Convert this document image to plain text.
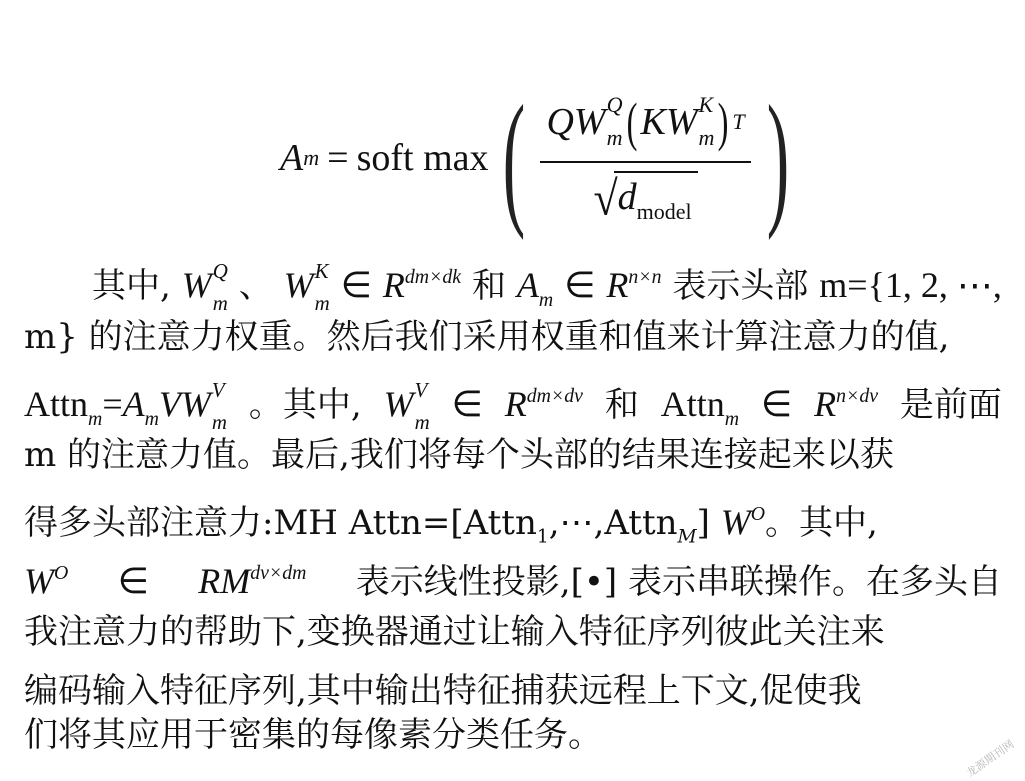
A m = soft max ( QW Q
m ( KW K
m ) T
√ $d_{model}$ )
其中, W Q
m 、 W K
m ∈ $R^{dm\times dk}$ 和 $A_m$ ∈ $R^{n\times n}$ 表示头部 m={1, 2, ⋯,
m} 的注意力权重。然后我们采用权重和值来计算注意力的值,
$Attn_m=A_mVW$ V
m 。其中, W V
m ∈ $R^{dm\times dv}$ 和 Attn$_m$ ∈ $R^{n\times dv}$ 是前面
m 的注意力值。最后,我们将每个头部的结果连接起来以获
得多头部注意力:MH Attn=[Attn$_1$,⋯,Attn$_M$] $W^O$。其中,
$W^O$ ∈ $RM^{dv\times dm}$ 表示线性投影,[•] 表示串联操作。在多头自
我注意力的帮助下,变换器通过让输入特征序列彼此关注来
编码输入特征序列,其中输出特征捕获远程上下文,促使我
们将其应用于密集的每像素分类任务。
龙源期刊网
